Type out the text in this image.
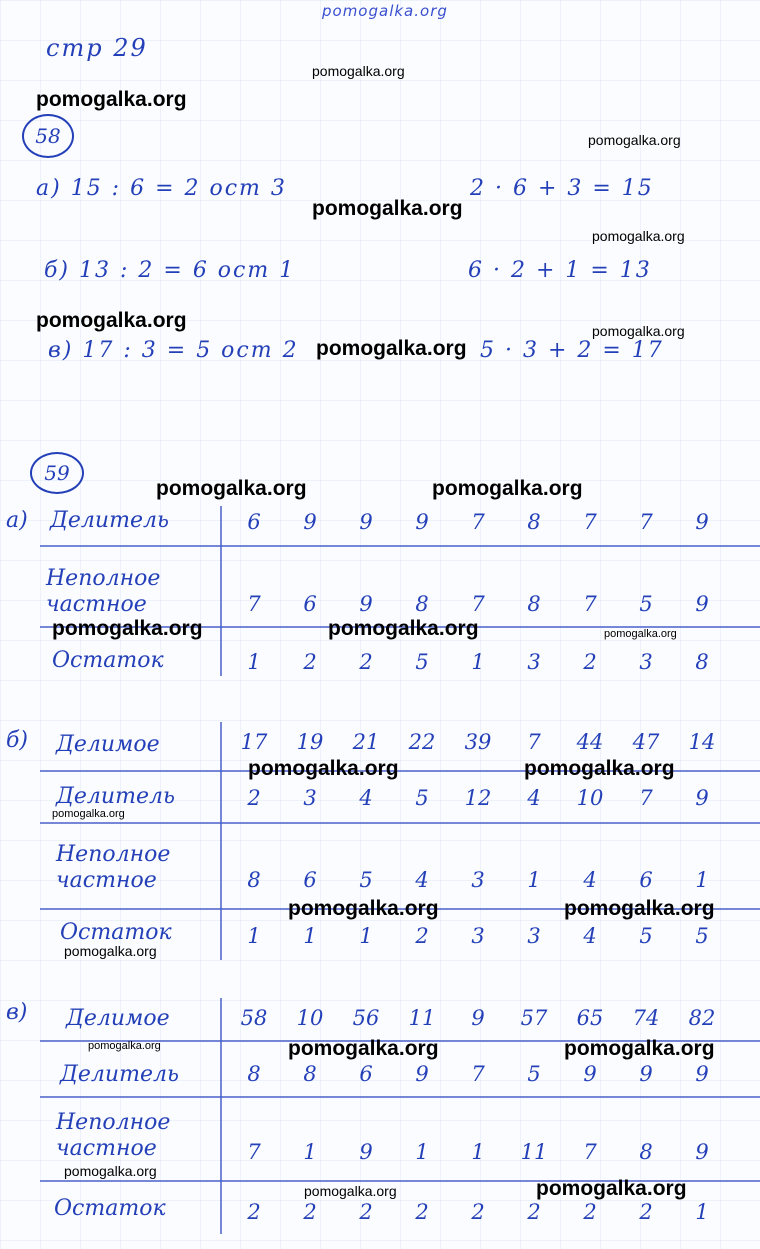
pomogalka.org
стр 29
58
а) 15 : 6 = 2 ост 3	2 · 6 + 3 = 15
б) 13 : 2 = 6 ост 1	6 · 2 + 1 = 13
в) 17 : 3 = 5 ост 2	5 · 3 + 2 = 17
59
а) Делитель	6	9	9	9	7	8	7	7	9
Неполное
частное	7	6	9	8	7	8	7	5	9
Остаток	1	2	2	5	1	3	2	3	8
б) Делимое	17	19	21	22	39	7	44	47	14
Делитель	2	3	4	5	12	4	10	7	9
Неполное
частное	8	6	5	4	3	1	4	6	1
Остаток	1	1	1	2	3	3	4	5	5
в) Делимое	58	10	56	11	9	57	65	74	82
Делитель	8	8	6	9	7	5	9	9	9
Неполное
частное	7	1	9	1	1	11	7	8	9
Остаток	2	2	2	2	2	2	2	2	1
pomogalka.org
pomogalka.org
pomogalka.org
pomogalka.org
pomogalka.org
pomogalka.org	pomogalka.org
pomogalka.org
pomogalka.org	pomogalka.org
pomogalka.org	pomogalka.org	pomogalka.org
pomogalka.org	pomogalka.org
pomogalka.org
pomogalka.org	pomogalka.org
pomogalka.org
pomogalka.org	pomogalka.org	pomogalka.org
pomogalka.org
pomogalka.org	pomogalka.org
